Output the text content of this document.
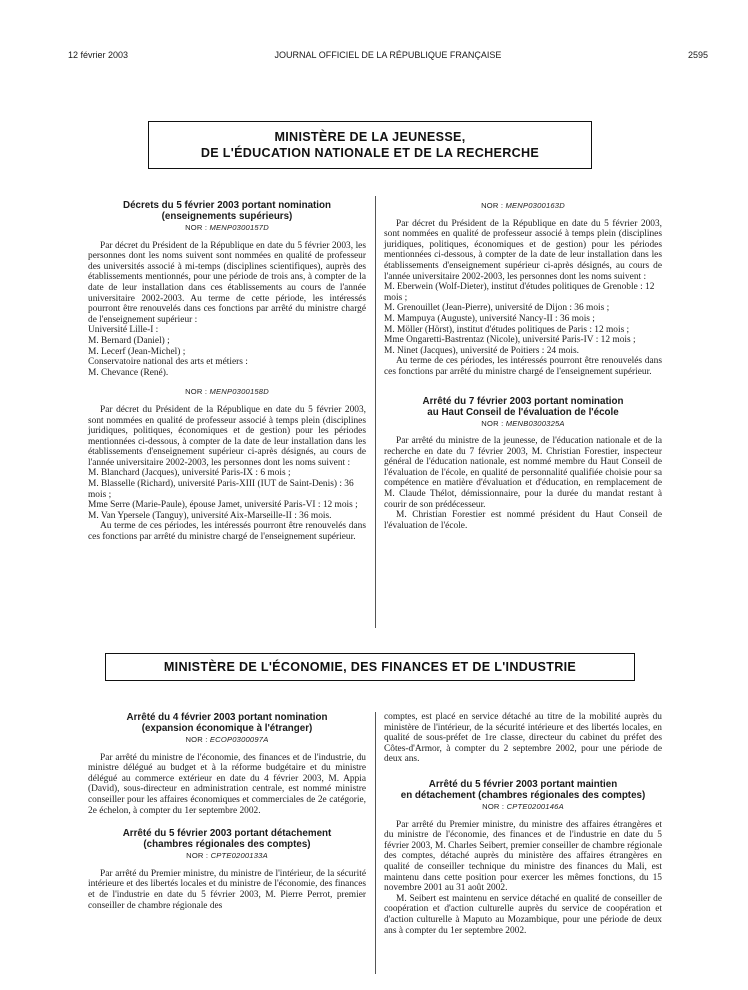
12 février 2003	JOURNAL OFFICIEL DE LA RÉPUBLIQUE FRANÇAISE	2595
MINISTÈRE DE LA JEUNESSE,
DE L'ÉDUCATION NATIONALE ET DE LA RECHERCHE

Décrets du 5 février 2003 portant nomination

(enseignements supérieurs)

NOR : MENP0300157D

Par décret du Président de la République en date du 5 février 2003, les personnes dont les noms suivent sont nommées en qualité de professeur des universités associé à mi-temps (disciplines scientifiques), auprès des établissements mentionnés, pour une période de trois ans, à compter de la date de leur installation dans ces établissements au cours de l'année universitaire 2002-2003. Au terme de cette période, les intéressés pourront être renouvelés dans ces fonctions par arrêté du ministre chargé de l'enseignement supérieur :

Université Lille-I :

M. Bernard (Daniel) ;

M. Lecerf (Jean-Michel) ;

Conservatoire national des arts et métiers :

M. Chevance (René).

NOR : MENP0300158D

Par décret du Président de la République en date du 5 février 2003, sont nommées en qualité de professeur associé à temps plein (disciplines juridiques, politiques, économiques et de gestion) pour les périodes mentionnées ci-dessous, à compter de la date de leur installation dans les établissements d'enseignement supérieur ci-après désignés, au cours de l'année universitaire 2002-2003, les personnes dont les noms suivent :

M. Blanchard (Jacques), université Paris-IX : 6 mois ;

M. Blasselle (Richard), université Paris-XIII (IUT de Saint-Denis) : 36 mois ;

Mme Serre (Marie-Paule), épouse Jamet, université Paris-VI : 12 mois ;

M. Van Ypersele (Tanguy), université Aix-Marseille-II : 36 mois.

Au terme de ces périodes, les intéressés pourront être renouvelés dans ces fonctions par arrêté du ministre chargé de l'enseignement supérieur.

NOR : MENP0300163D

Par décret du Président de la République en date du 5 février 2003, sont nommées en qualité de professeur associé à temps plein (disciplines juridiques, politiques, économiques et de gestion) pour les périodes mentionnées ci-dessous, à compter de la date de leur installation dans les établissements d'enseignement supérieur ci-après désignés, au cours de l'année universitaire 2002-2003, les personnes dont les noms suivent :

M. Eberwein (Wolf-Dieter), institut d'études politiques de Grenoble : 12 mois ;

M. Grenouillet (Jean-Pierre), université de Dijon : 36 mois ;

M. Mampuya (Auguste), université Nancy-II : 36 mois ;

M. Möller (Hörst), institut d'études politiques de Paris : 12 mois ;

Mme Ongaretti-Bastrentaz (Nicole), université Paris-IV : 12 mois ;

M. Ninet (Jacques), université de Poitiers : 24 mois.

Au terme de ces périodes, les intéressés pourront être renouvelés dans ces fonctions par arrêté du ministre chargé de l'enseignement supérieur.

Arrêté du 7 février 2003 portant nomination

au Haut Conseil de l'évaluation de l'école

NOR : MENB0300325A

Par arrêté du ministre de la jeunesse, de l'éducation nationale et de la recherche en date du 7 février 2003, M. Christian Forestier, inspecteur général de l'éducation nationale, est nommé membre du Haut Conseil de l'évaluation de l'école, en qualité de personnalité qualifiée choisie pour sa compétence en matière d'évaluation et d'éducation, en remplacement de M. Claude Thélot, démissionnaire, pour la durée du mandat restant à courir de son prédécesseur.

M. Christian Forestier est nommé président du Haut Conseil de l'évaluation de l'école.

MINISTÈRE DE L'ÉCONOMIE, DES FINANCES ET DE L'INDUSTRIE

Arrêté du 4 février 2003 portant nomination

(expansion économique à l'étranger)

NOR : ECOP0300097A

Par arrêté du ministre de l'économie, des finances et de l'industrie, du ministre délégué au budget et à la réforme budgétaire et du ministre délégué au commerce extérieur en date du 4 février 2003, M. Appia (David), sous-directeur en administration centrale, est nommé ministre conseiller pour les affaires économiques et commerciales de 2e catégorie, 2e échelon, à compter du 1er septembre 2002.

Arrêté du 5 février 2003 portant détachement

(chambres régionales des comptes)

NOR : CPTE0200133A

Par arrêté du Premier ministre, du ministre de l'intérieur, de la sécurité intérieure et des libertés locales et du ministre de l'économie, des finances et de l'industrie en date du 5 février 2003, M. Pierre Perrot, premier conseiller de chambre régionale des

comptes, est placé en service détaché au titre de la mobilité auprès du ministère de l'intérieur, de la sécurité intérieure et des libertés locales, en qualité de sous-préfet de 1re classe, directeur du cabinet du préfet des Côtes-d'Armor, à compter du 2 septembre 2002, pour une période de deux ans.

Arrêté du 5 février 2003 portant maintien

en détachement (chambres régionales des comptes)

NOR : CPTE0200146A

Par arrêté du Premier ministre, du ministre des affaires étrangères et du ministre de l'économie, des finances et de l'industrie en date du 5 février 2003, M. Charles Seibert, premier conseiller de chambre régionale des comptes, détaché auprès du ministère des affaires étrangères en qualité de conseiller technique du ministre des finances du Mali, est maintenu dans cette position pour exercer les mêmes fonctions, du 15 novembre 2001 au 31 août 2002.

M. Seibert est maintenu en service détaché en qualité de conseiller de coopération et d'action culturelle auprès du service de coopération et d'action culturelle à Maputo au Mozambique, pour une période de deux ans à compter du 1er septembre 2002.
